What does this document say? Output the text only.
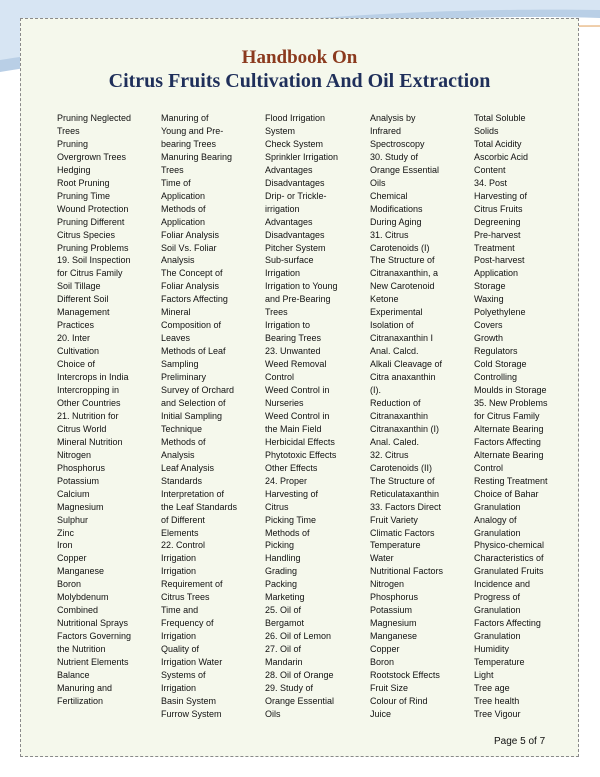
Handbook On
Citrus Fruits Cultivation And Oil Extraction
Pruning Neglected
Trees
Pruning
Overgrown Trees
Hedging
Root Pruning
Pruning Time
Wound Protection
Pruning Different
Citrus Species
Pruning Problems
19. Soil Inspection
for Citrus Family
Soil Tillage
Different Soil
Management
Practices
20. Inter
Cultivation
Choice of
Intercrops in India
Intercropping in
Other Countries
21. Nutrition for
Citrus World
Mineral Nutrition
Nitrogen
Phosphorus
Potassium
Calcium
Magnesium
Sulphur
Zinc
Iron
Copper
Manganese
Boron
Molybdenum
Combined
Nutritional Sprays
Factors Governing
the Nutrition
Nutrient Elements
Balance
Manuring and
Fertilization
Manuring of
Young and Pre-
bearing Trees
Manuring Bearing
Trees
Time of
Application
Methods of
Application
Foliar Analysis
Soil Vs. Foliar
Analysis
The Concept of
Foliar Analysis
Factors Affecting
Mineral
Composition of
Leaves
Methods of Leaf
Sampling
Preliminary
Survey of Orchard
and Selection of
Initial Sampling
Technique
Methods of
Analysis
Leaf Analysis
Standards
Interpretation of
the Leaf Standards
of Different
Elements
22. Control
Irrigation
Irrigation
Requirement of
Citrus Trees
Time and
Frequency of
Irrigation
Quality of
Irrigation Water
Systems of
Irrigation
Basin System
Furrow System
Flood Irrigation
System
Check System
Sprinkler Irrigation
Advantages
Disadvantages
Drip- or Trickle-
irrigation
Advantages
Disadvantages
Pitcher System
Sub-surface
Irrigation
Irrigation to Young
and Pre-Bearing
Trees
Irrigation to
Bearing Trees
23. Unwanted
Weed Removal
Control
Weed Control in
Nurseries
Weed Control in
the Main Field
Herbicidal Effects
Phytotoxic Effects
Other Effects
24. Proper
Harvesting of
Citrus
Picking Time
Methods of
Picking
Handling
Grading
Packing
Marketing
25. Oil of
Bergamot
26. Oil of Lemon
27. Oil of
Mandarin
28. Oil of Orange
29. Study of
Orange Essential
Oils
Analysis by
Infrared
Spectroscopy
30. Study of
Orange Essential
Oils
Chemical
Modifications
During Aging
31. Citrus
Carotenoids (I)
The Structure of
Citranaxanthin, a
New Carotenoid
Ketone
Experimental
Isolation of
Citranaxanthin I
Anal. Calcd.
Alkali Cleavage of
Citra anaxanthin
(I).
Reduction of
Citranaxanthin
Citranaxanthin (I)
Anal. Caled.
32. Citrus
Carotenoids (II)
The Structure of
Reticulataxanthin
33. Factors Direct
Fruit Variety
Climatic Factors
Temperature
Water
Nutritional Factors
Nitrogen
Phosphorus
Potassium
Magnesium
Manganese
Copper
Boron
Rootstock Effects
Fruit Size
Colour of Rind
Juice
Total Soluble
Solids
Total Acidity
Ascorbic Acid
Content
34. Post
Harvesting of
Citrus Fruits
Degreening
Pre-harvest
Treatment
Post-harvest
Application
Storage
Waxing
Polyethylene
Covers
Growth
Regulators
Cold Storage
Controlling
Moulds in Storage
35. New Problems
for Citrus Family
Alternate Bearing
Factors Affecting
Alternate Bearing
Control
Resting Treatment
Choice of Bahar
Granulation
Analogy of
Granulation
Physico-chemical
Characteristics of
Granulated Fruits
Incidence and
Progress of
Granulation
Factors Affecting
Granulation
Humidity
Temperature
Light
Tree age
Tree health
Tree Vigour
Page 5 of 7
